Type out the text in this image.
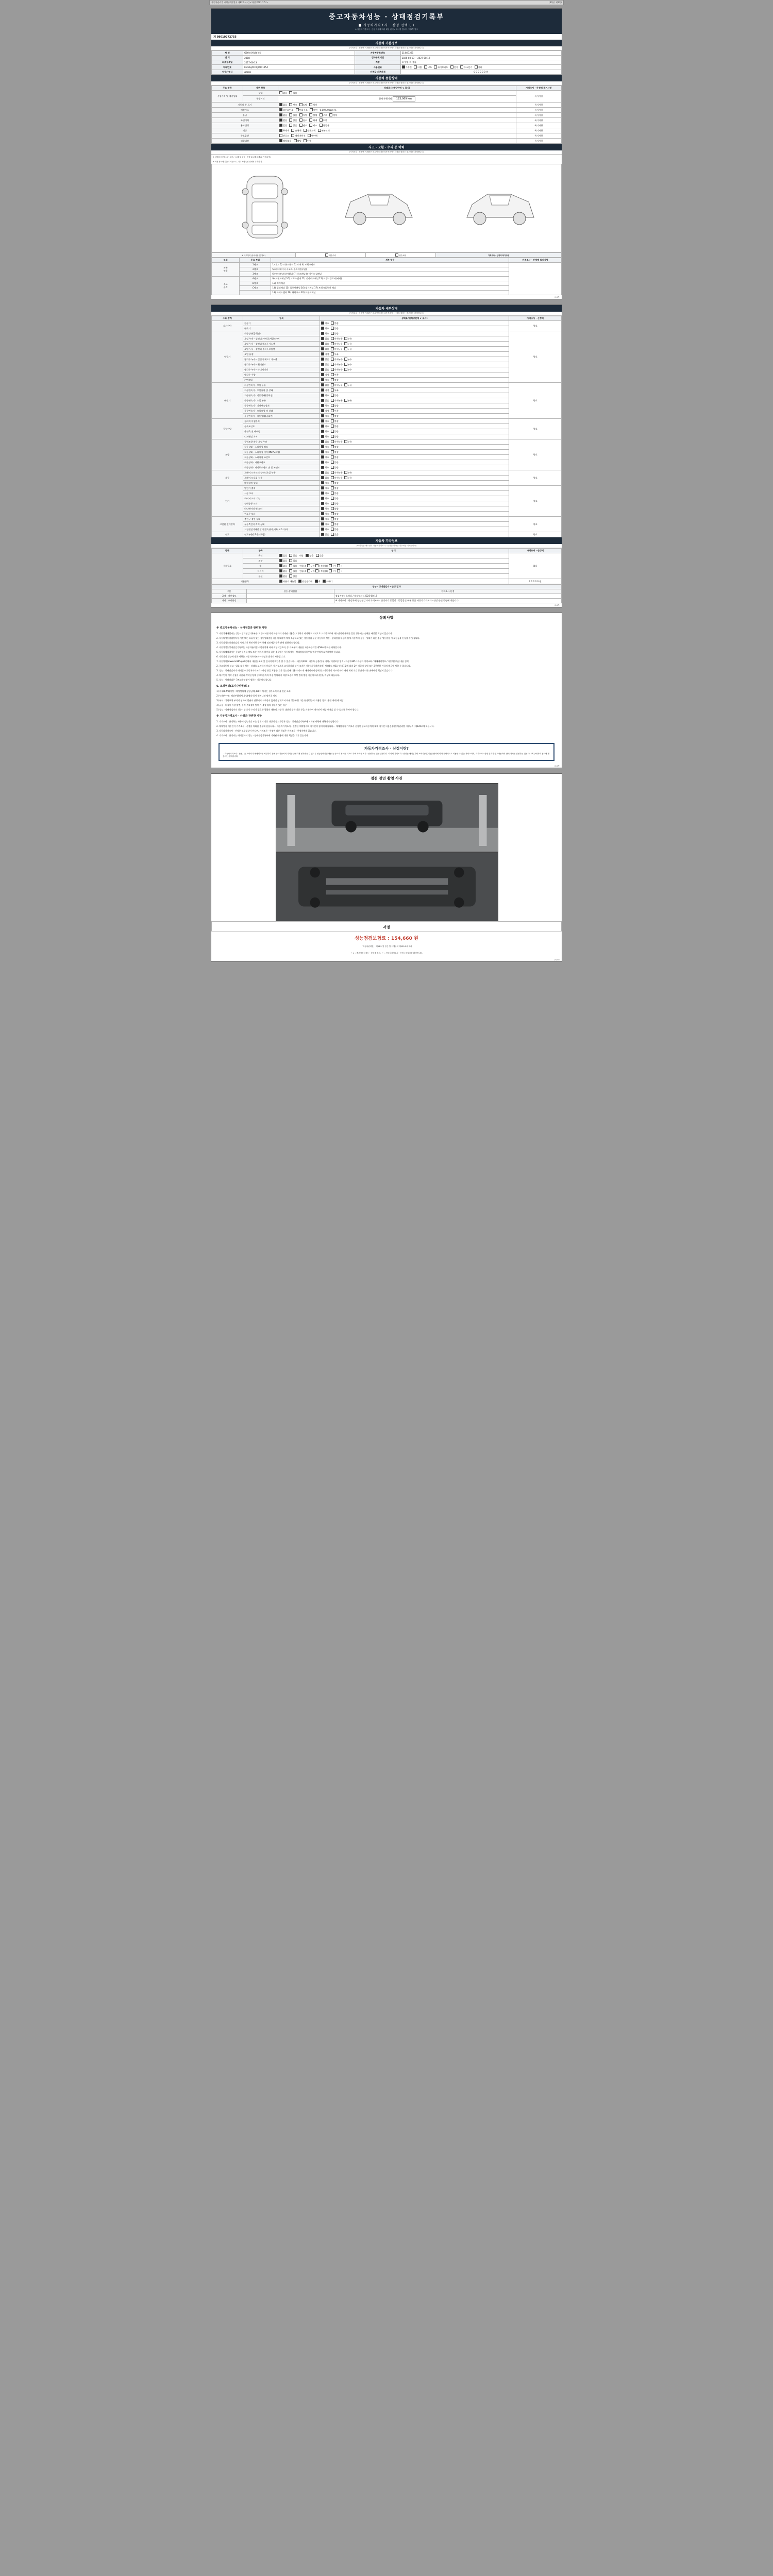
자동차관리법 시행규칙 [별지 제82호서식] <개정 2021.1.5.>	(3쪽중 제1쪽)
중고자동차성능 · 상태점검기록부
■ 자동차가격조사 · 산정 선택 ( )
※ 자동차가격조사 · 산정 여부에 따라 해당 란에 √ 표시를 합니다 / 제2쪽 참조
제 98010272755
자동차 기본정보
(가격조사 · 산정액 기재란은 매수인이 자동차가격조사 · 산정을 원하는 경우에만 기재합니다)
차 명	G80 (4세대)(렌 )	자동차등록번호	214러7231
연 식	2018	검사유효기간	2025-08-13 ~ 2027-08-12
최초등록일	2017-06-13	차종	조 받음 차 종류
차대번호	KMHGJ41CDJU241954	사용연료	가솔린 디젤 LPG 하이브리드 전기 수소전기 기타
원동기형식	G6DM	기준값 기준가격	0 0 0 0 0 0 원
자동차 종합상태
(가격조사 · 산정액 기재란은 매수인이 자동차가격조사 · 산정을 원하는 경우에만 기재합니다)
주요 항목	세부 항목	상태표시(해당란에 ∨ 표시)	가격조사 · 산정액 특기사항
주행거리 및 계기상태	상태	없음 있음	특기사항
	주행거리	현재 주행거리 123,069 km	
자동차 등 표기		없음 변조 도말 상이	특기사항
배출가스		일산화탄소 탄화수소 매연 0.00% 0ppm %	특기사항
튜닝		없음 있음 적법 불법 구조 장치	특기사항
특별이력		없음 있음 침수 화재 도난	특기사항
용도변경		없음 있음 렌트 리스 영업용	특기사항
색상		무채색 유채색 전체도색 부분도색	특기사항
주요옵션		선루프 내비게이션 에어백	특기사항
리콜대상		해당없음 해당 이행	특기사항
사고 · 교환 · 수리 등 이력
(가격조사 · 산정액 기재란은 매수인이 자동차가격조사 · 산정을 원하는 경우에만 기재합니다)
※ 상태표시 부호 : ( ) 없음 ( ) 교환 X 판금 · 용접 W 교환(1개) A 가공(2개)
※ 작성 당시에 실출력 기준으로, 기타 차량특성 상태에 부착된 것
※ 사고이력 (유의사항 및 참조)	단순수리	단순교환	가격조사 · 산정액 특기사항
부위	주요 부위	세부 항목	가격조사 · 산정액 특기사항
외판
부위	1랭크	1) 후드 2) 프론트휀더 3) 도어 4) 트렁크리드	
	2랭크	5) 라디에이터 서포트(볼트체결부품)	
	3랭크	6) 쿼터패널(리어휀더) 7) 루프패널 8) 사이드실패널	
주요
골격	A랭크	9) 프론트패널 10) 크로스멤버 11) 인사이드패널 12) 트렁크플로어(바닥)	
	B랭크	13) 리어패널	
	C랭크	14) 필러패널 15) 플로어패널 16) 대시패널 17) 트렁크플로어 패널	
		18) 사이드멤버 19) 휠하우스 20) 프론트패널	
(1/4쪽)
자동차 세부상태
(가격조사 · 산정액 기재란은 매수인이 자동차가격조사 · 산정을 원하는 경우에만 기재합니다)
주요 장치	항목	상태표시(해당란에 ∨ 표시)	가격조사 · 산정액
자기진단	원동기	양호 불량	양호
	변속기	양호 불량	
원동기	작동상태(공회전)	양호 불량	양호
	오일 누유 - 실린더 커버(로커암) 커버	없음 미세누유 누유	
	오일 누유 - 실린더 헤드 / 가스켓	없음 미세누유 누유	
	오일 누유 - 실린더 블록 / 오일팬	없음 미세누유 누유	
	오일 유량	적정 부족	
	냉각수 누수 - 실린더 헤드 / 가스켓	없음 미세누수 누수	
	냉각수 누수 - 워터펌프	없음 미세누수 누수	
	냉각수 누수 - 라디에이터	없음 미세누수 누수	
	냉각수 수량	적정 부족	
	커먼레일	양호 불량	
변속기	자동변속기 - 오일 누유	없음 미세누유 누유	양호
	자동변속기 - 오일유량 및 상태	적정 부족	
	자동변속기 - 작동상태(공회전)	양호 불량	
	수동변속기 - 오일 누유	없음 미세누유 누유	
	수동변속기 - 기어변속장치	양호 불량	
	수동변속기 - 오일유량 및 상태	적정 부족	
	수동변속기 - 작동상태(공회전)	양호 불량	
동력전달	클러치 어셈블리	양호 불량	양호
	등속조인트	양호 불량	
	추진축 및 베어링	양호 불량	
	디퍼렌셜 기어	양호 불량	
조향	동력조향 작동 오일 누유	없음 미세누유 누유	양호
	작동상태 - 스티어링 펌프	양호 불량	
	작동상태 - 스티어링 기어(MDPS포함)	양호 불량	
	작동상태 - 스티어링 조인트	양호 불량	
	작동상태 - 파워크랭크	양호 불량	
	작동상태 - 타이로드엔드 및 볼 조인트	양호 불량	
제동	브레이크 마스터 실린더오일 누유	없음 미세누유 누유	양호
	브레이크 오일 누유	없음 미세누유 누유	
	배력장치 상태	양호 불량	
전기	발전기 출력	양호 불량	양호
	시동 모터	양호 불량	
	와이퍼 모터 기능	양호 불량	
	실내송풍 모터	양호 불량	
	라디에이터 팬 모터	양호 불량	
	윈도우 모터	양호 불량	
고전원 전기장치	충전구 절연 상태	양호 불량	양호
	구동축전지 격리 상태	양호 불량	
	고전원전기배선 상태(접속단자,피복,보호기구)	양호 불량	
연료	연료누출(LP가스포함)	없음 있음	양호
자동차 기타정보
(※ 항목은 매수인이 자동차가격조사 · 산정을 원하는 경우에만 기재합니다)
항목	항목	상태	가격조사 · 산정액
수리필요	유리	없음 있음 내장 없음 있음	없음
	외부	없음 있음	
	휠	없음 있음 전륜(좌  / 우 ) 후륜(좌  / 우 )	
	타이어	없음 있음 전륜(좌  / 우 ) 후륜(좌  / 우 )	
	옵션	없음 있음	
기본품목		사용자 매뉴얼 안전삼각대 잭 스패너	0 0 0 0 0 원
성능 · 상태점검자 · 산정 결과		
구분	성능·상태점검	가격조사·산정
금액 · 내용검토		점검자명 : 오성길 / 점검일자 : 2025-08-13
가격 · 조사산정		※ 가격조사 · 산정자에 성능점검자와 가격조사 · 산정자가 동일인 · 동일법인 여부 등은 자동차가격조사 · 산정 관련 법령에 따릅니다.
(2/4쪽)
유의사항
※ 중고자동차성능 · 상태점검과 관련한 사항

1. 자동차매매업자는 성능 · 상태점검기록부를 그 중고자동차의 자동차의 기재된 내용을 고지하기 아니하고 거짓으로 고지할으로써 매수인에게 손해를 입힌 경우에는 손해를 배상할 책임이 있습니다.

2. 자동차성능점검장치가 거짓 또는 오류가 있는 성능상태점검 내용에 대하여 매매 보증하고 있는 성능점검 부분 자동차의 성능 · 상태점검 내용과 실제 자동차의 성능 · 상태가 다른 경우 성능점검 시 보험금을 신청할 수 있습니다.

3. 자동차성능상태점검자 기재 기간 확인사항 등에 통해 정보제공 등은 관계 법령에 따릅니다.

4. 자동차성능상태점검기록부는 자동차관리법 시행규칙에 따라 작성되었으며, 동 기록부의 내용은 자동차관리법 제58조에 따른 사항입니다.

5. 자동차매매업자는 중고자동차를 매도 또는 매매의 알선을 하는 경우에는 자동차성능 · 상태점검기록부를 매수인에게 교부하여야 합니다.

6. 자동차의 성능에 대한 사항은 자동차가격조사 · 산정과 별개의 사항입니다.

7. 자동차의(www.car365.go.kr)에서 내용을 조회 및 검사이력 확인을 할 수 있습니다. - 자동차365 : 자동차 금융/할부 거래 / 이행보증 입력 - 자동차365 : 자동차 이력조회 / 매매계약정보 / 자동차등록증내용 검색

2. 중고자동차 부고 · 압류 횟수 성능 · 상태를 고지하지 아니한 거 거짓으로 고지하거나 부가 고지한 자는 [자동차관리법] 제 80조 제6호 및 제7호에 따라 2년 이하의 징역 또는 2천만원 이하의 벌금에 처할 수 있습니다.

3. 성능 · 상태점검자가 매매업자(자동차가격조사 · 산정 등을 포함한다)가 성능상태 내용과 다르게 매매계약에 당해 중고자동차의 매도에 따라 계약 해제 기간 동안에 따른 손해배상 책임이 있습니다.

4. 매수인이 계약 신청을 시간과 계약된 당해 중고자동차의 차종 범위하지 해당 보증의 보상 범위 법령 기준에 따라 환불, 배상에 따릅니다.

5. 성능 · 상태점검은 국토교통부령이 정하는 기준에 따릅니다.

6. 보상범위(표기단위별)로 :

1) 자세(0.5%)이상 : 해당범위에 상당금액(300이 차지는 경우로써 비율 신분 초과)

2) 누유(누수) : 해당부위에서 오일(냉각수)이 번져나와 떨어질 정도

3) 부식 : 차량부위 부식이 심하여 철판이 변형되거나 구멍이 뚫어진 상태로서 외판 성능부위 기준 현상/성능이 적용할 경우 (용접 내외)에 해당

4) 긁음 · 터짐이 이상 발견, 부식 주요장치 및/부가 불량 검의 경우의 있는 경우

5) 성능 · 상태점검자의 성능 · 상태 등 수리가 필요한 결함의 내용의 사항 중 대상에 대한 기준 등을 기재하여 매수인이 해당 내용을 알 수 있도록 하여야 합니다.

※ 자동차가격조사 · 산정과 관련한 사항

1. 가격조사 · 산정하는 사항이 성능기간 또는 범위의 작동 대상에 중고자동차 성능 · 상태점검기록부에 기재된 사항에 대하여 산정합니다.

2. 매매업자 매수인이 가격조사 · 산정을 의뢰한 경우에 한합니다. - 자동차가격조사 · 산정은 매매업자와 매수인의 합의에 따릅니다. - 매매업자가 가격조사 산정된 중고자동차에 대해 매수인 비용은 [자동차관리법 시행규칙] 제120조에 따릅니다.

3. 자동차가격조사 · 산정은 보증대상이 아니며, 가격조사 · 산정에 따른 책임은 가격조사 · 산정자에게 있습니다.

4. 가격조사 · 산정자는 매매업자의 성능 · 상태점검기록부에 기재된 내용에 대한 책임을 지지 않습니다.

자동차가격조사 · 산정이란?
「자동차가격조사 · 산정」은 소비자가 매매계약을 체결하기 전에 중고자동차의 가치를 공정하게 평가받을 수 있도록 성능상태점검 내용 등 중고차 정보를 기초로 하여 가격을 조사 · 산정하는 것을 말합니다. 따라서 가격조사 · 산정은 매매업자와 소비자(매수인)간 합의에 따라 선택적으로 이용할 수 있는 서비스이며, 가격조사 · 산정 결과가 중고자동차의 판매 가격을 결정하는 것은 아니며 구매자의 참고에 활용되는 정보입니다.
(3/4쪽)
점검 장면 촬영 사진
서명
성능점검보험료 : 154,660 원
「자동차관리법」 제58조 및 같은 법 시행규칙 제120조에 따라
「 ∨ 」중고자동차성능 · 상태를 점검, 「 」자동차가격조사 · 산정 ) 하였음을 확인합니다.
(4/4쪽)
